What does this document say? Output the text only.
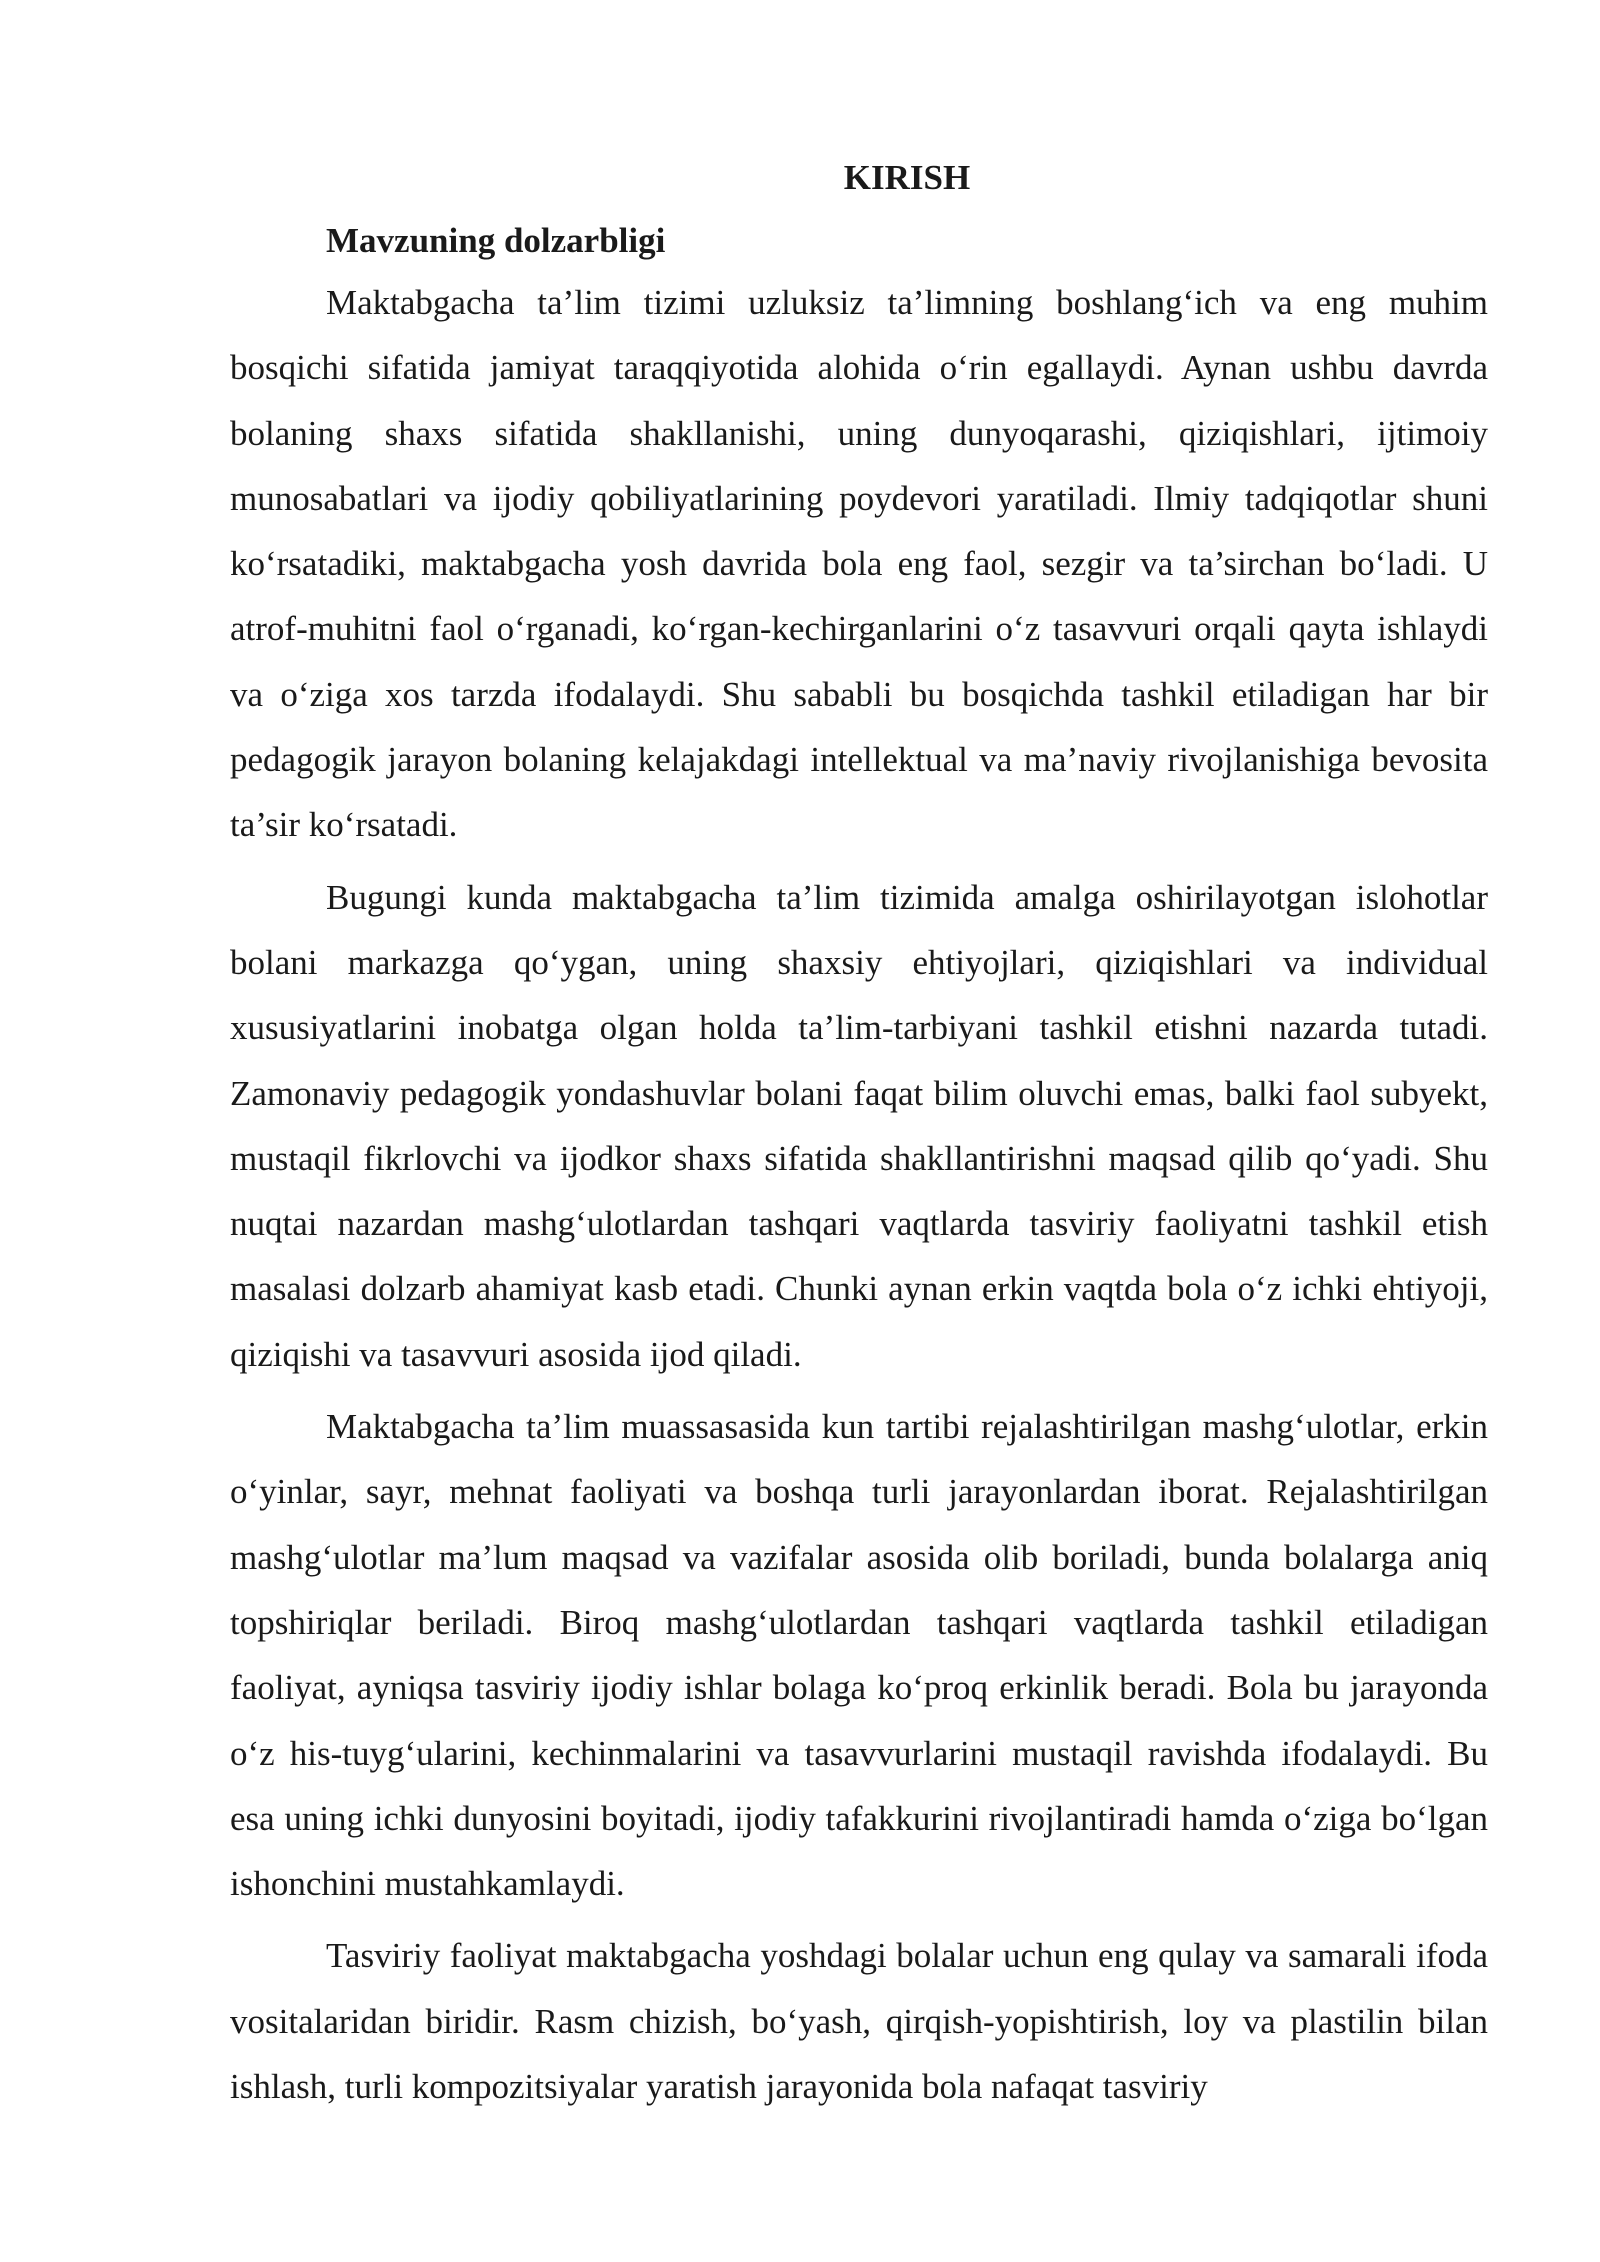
KIRISH
Mavzuning dolzarbligi

Maktabgacha ta’lim tizimi uzluksiz ta’limning boshlang‘ich va eng muhim bosqichi sifatida jamiyat taraqqiyotida alohida o‘rin egallaydi. Aynan ushbu davrda bolaning shaxs sifatida shakllanishi, uning dunyoqarashi, qiziqishlari, ijtimoiy munosabatlari va ijodiy qobiliyatlarining poydevori yaratiladi. Ilmiy tadqiqotlar shuni ko‘rsatadiki, maktabgacha yosh davrida bola eng faol, sezgir va ta’sirchan bo‘ladi. U atrof-muhitni faol o‘rganadi, ko‘rgan-kechirganlarini o‘z tasavvuri orqali qayta ishlaydi va o‘ziga xos tarzda ifodalaydi. Shu sababli bu bosqichda tashkil etiladigan har bir pedagogik jarayon bolaning kelajakdagi intellektual va ma’naviy rivojlanishiga bevosita ta’sir ko‘rsatadi.

Bugungi kunda maktabgacha ta’lim tizimida amalga oshirilayotgan islohotlar bolani markazga qo‘ygan, uning shaxsiy ehtiyojlari, qiziqishlari va individual xususiyatlarini inobatga olgan holda ta’lim-tarbiyani tashkil etishni nazarda tutadi. Zamonaviy pedagogik yondashuvlar bolani faqat bilim oluvchi emas, balki faol subyekt, mustaqil fikrlovchi va ijodkor shaxs sifatida shakllantirishni maqsad qilib qo‘yadi. Shu nuqtai nazardan mashg‘ulotlardan tashqari vaqtlarda tasviriy faoliyatni tashkil etish masalasi dolzarb ahamiyat kasb etadi. Chunki aynan erkin vaqtda bola o‘z ichki ehtiyoji, qiziqishi va tasavvuri asosida ijod qiladi.

Maktabgacha ta’lim muassasasida kun tartibi rejalashtirilgan mashg‘ulotlar, erkin o‘yinlar, sayr, mehnat faoliyati va boshqa turli jarayonlardan iborat. Rejalashtirilgan mashg‘ulotlar ma’lum maqsad va vazifalar asosida olib boriladi, bunda bolalarga aniq topshiriqlar beriladi. Biroq mashg‘ulotlardan tashqari vaqtlarda tashkil etiladigan faoliyat, ayniqsa tasviriy ijodiy ishlar bolaga ko‘proq erkinlik beradi. Bola bu jarayonda o‘z his-tuyg‘ularini, kechinmalarini va tasavvurlarini mustaqil ravishda ifodalaydi. Bu esa uning ichki dunyosini boyitadi, ijodiy tafakkurini rivojlantiradi hamda o‘ziga bo‘lgan ishonchini mustahkamlaydi.

Tasviriy faoliyat maktabgacha yoshdagi bolalar uchun eng qulay va samarali ifoda vositalaridan biridir. Rasm chizish, bo‘yash, qirqish-yopishtirish, loy va plastilin bilan ishlash, turli kompozitsiyalar yaratish jarayonida bola nafaqat tasviriy
